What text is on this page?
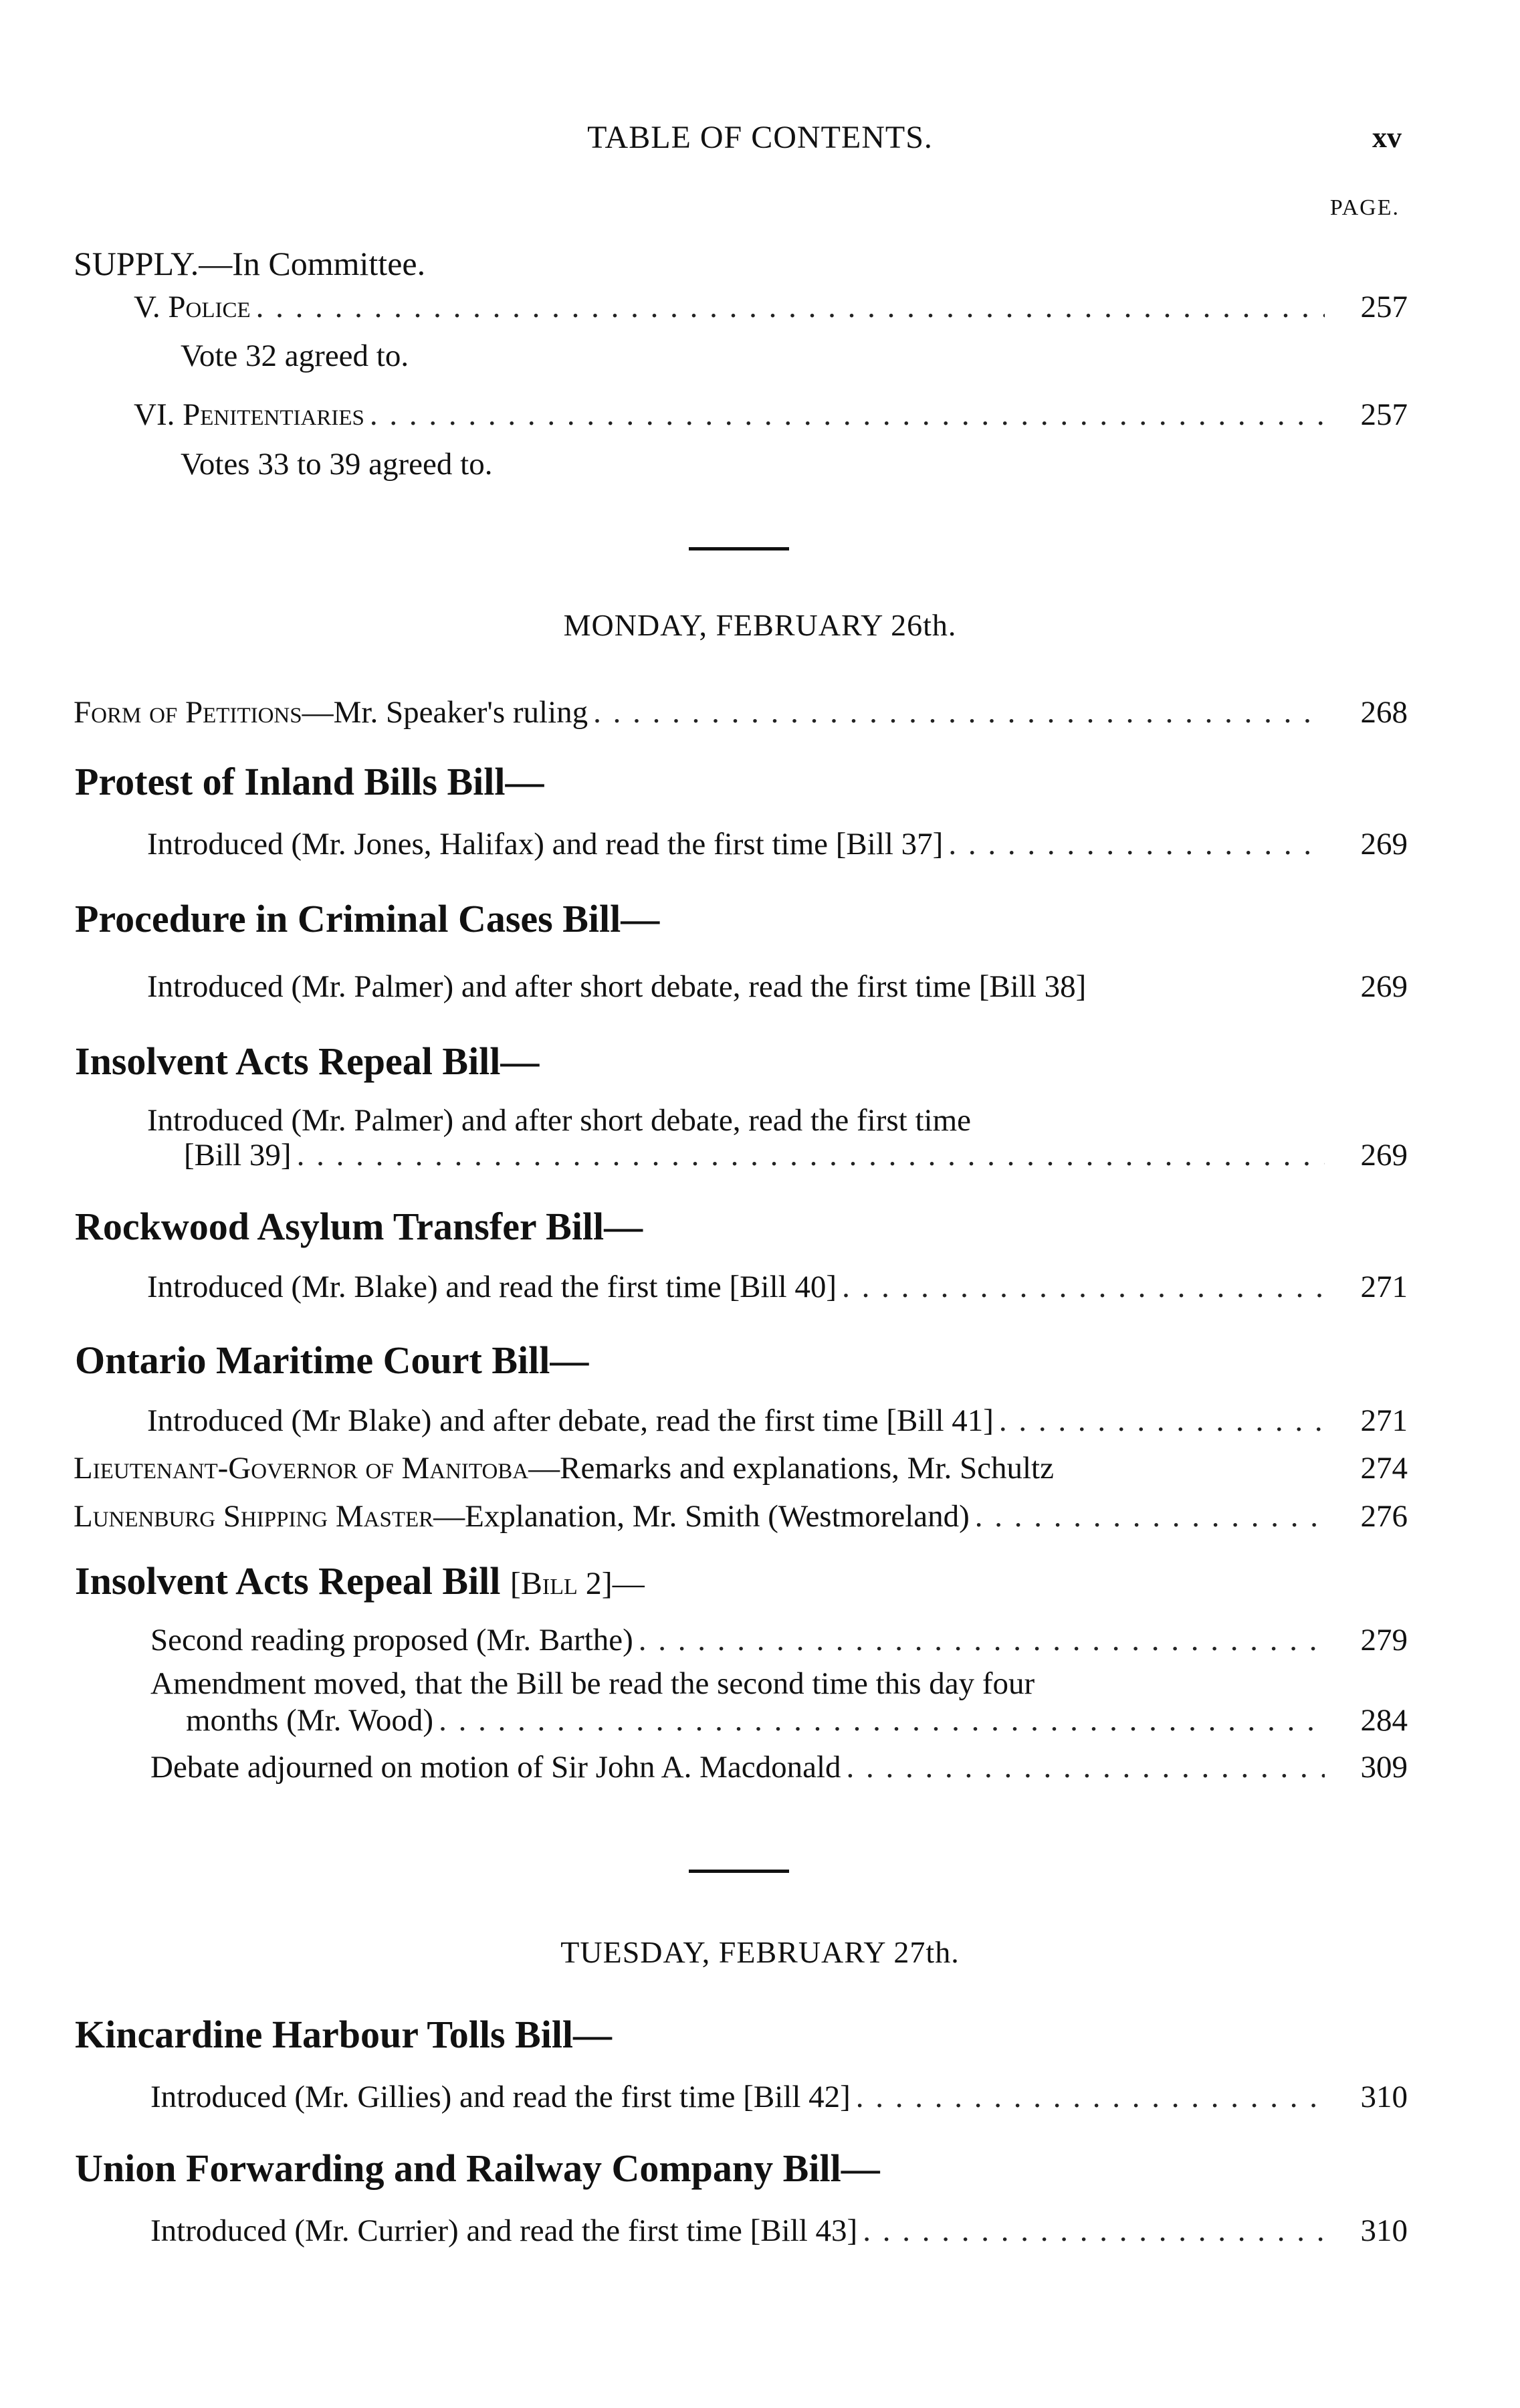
TABLE OF CONTENTS.	xv
PAGE.
SUPPLY.—In Committee.
V. Police . . .	257
Vote 32 agreed to.
VI. Penitentiaries . . .	257
Votes 33 to 39 agreed to.
MONDAY, FEBRUARY 26th.
Form of Petitions—Mr. Speaker's ruling . . .	268
Protest of Inland Bills Bill—
Introduced (Mr. Jones, Halifax) and read the first time [Bill 37] . . .	269
Procedure in Criminal Cases Bill—
Introduced (Mr. Palmer) and after short debate, read the first time [Bill 38]	269
Insolvent Acts Repeal Bill—
Introduced (Mr. Palmer) and after short debate, read the first time
[Bill 39] . . .	269
Rockwood Asylum Transfer Bill—
Introduced (Mr. Blake) and read the first time [Bill 40] . . .	271
Ontario Maritime Court Bill—
Introduced (Mr Blake) and after debate, read the first time [Bill 41] . . .	271
Lieutenant-Governor of Manitoba—Remarks and explanations, Mr. Schultz	274
Lunenburg Shipping Master—Explanation, Mr. Smith (Westmoreland) . . .	276
Insolvent Acts Repeal Bill [Bill 2]—
Second reading proposed (Mr. Barthe) . . .	279
Amendment moved, that the Bill be read the second time this day four
months (Mr. Wood) . . .	284
Debate adjourned on motion of Sir John A. Macdonald . . .	309
TUESDAY, FEBRUARY 27th.
Kincardine Harbour Tolls Bill—
Introduced (Mr. Gillies) and read the first time [Bill 42] . . .	310
Union Forwarding and Railway Company Bill—
Introduced (Mr. Currier) and read the first time [Bill 43] . . .	310
